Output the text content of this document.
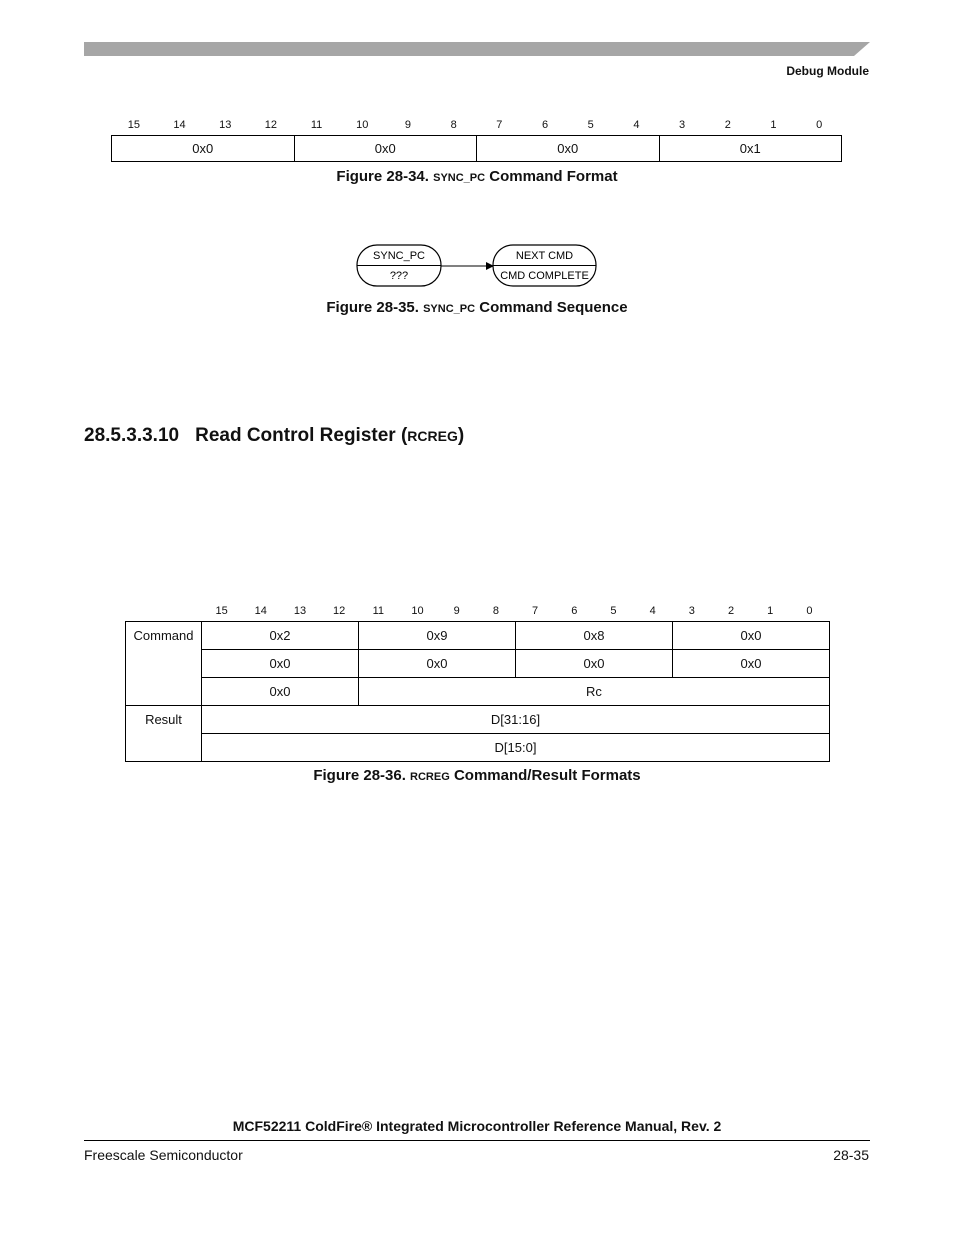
Debug Module
15	14	13	12	11	10	9	8	7	6	5	4	3	2	1	0
0x0	0x0	0x0	0x1
Figure 28-34. SYNC_PC Command Format
SYNC_PC
???
NEXT CMD
CMD COMPLETE
Figure 28-35. SYNC_PC Command Sequence
28.5.3.3.10 Read Control Register (RCREG)
15	14	13	12	11	10	9	8	7	6	5	4	3	2	1	0
Command	0x2	0x9	0x8	0x0
	0x0	0x0	0x0	0x0
	0x0	Rc		
Result	D[31:16]			
	D[15:0]			
Figure 28-36. RCREG Command/Result Formats
MCF52211 ColdFire® Integrated Microcontroller Reference Manual, Rev. 2
Freescale Semiconductor	28-35
